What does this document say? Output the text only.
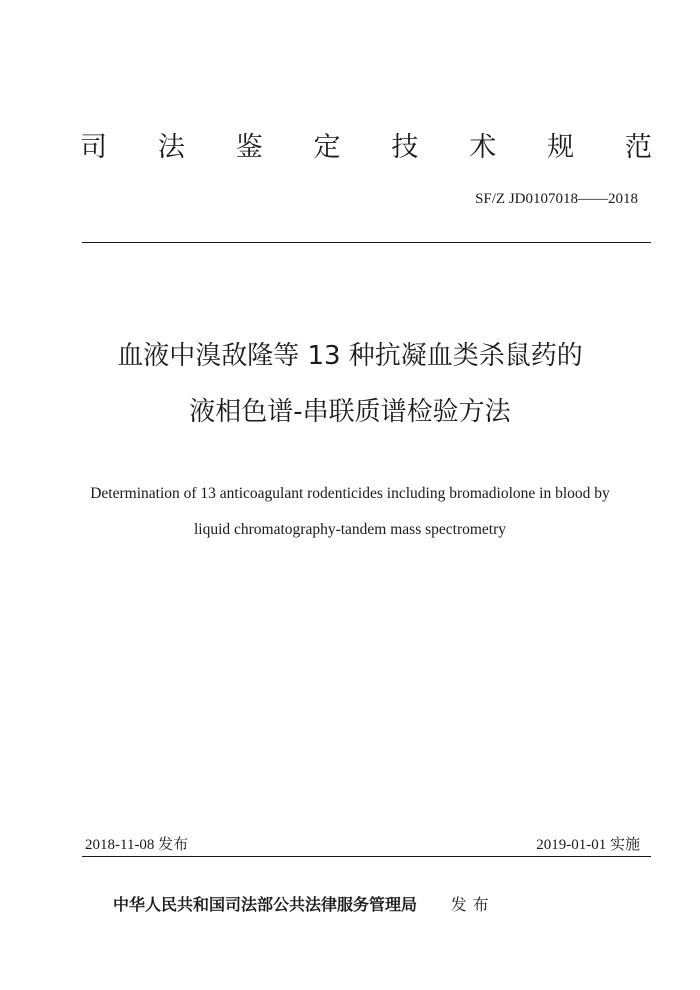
司 法 鉴 定 技 术 规 范
SF/Z JD0107018——2018
血液中溴敌隆等 13 种抗凝血类杀鼠药的
液相色谱-串联质谱检验方法
Determination of 13 anticoagulant rodenticides including bromadiolone in blood by
liquid chromatography-tandem mass spectrometry
2018-11-08 发布	2019-01-01 实施
中华人民共和国司法部公共法律服务管理局 发布
